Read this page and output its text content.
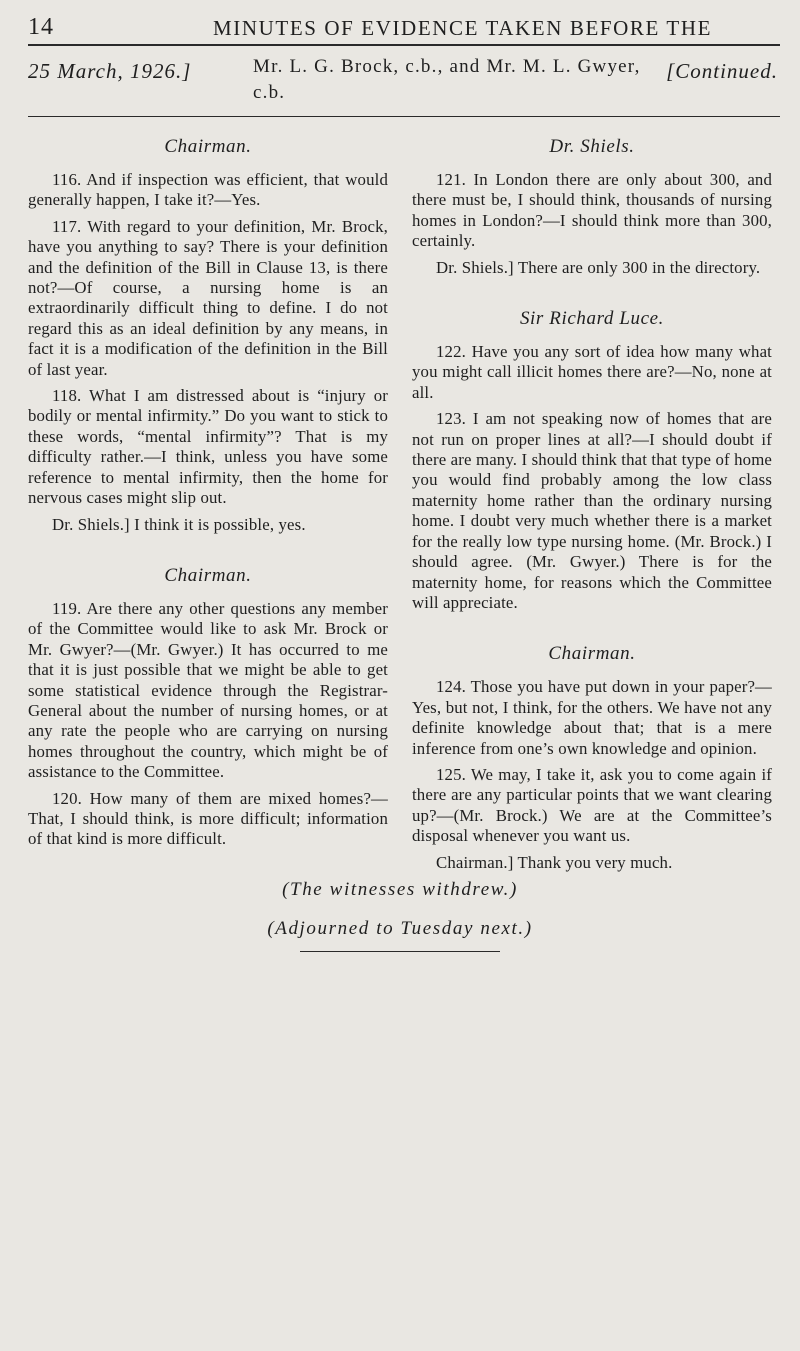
14	MINUTES OF EVIDENCE TAKEN BEFORE THE
25 March, 1926.]	Mr. L. G. Brock, c.b., and Mr. M. L. Gwyer, c.b.
[Continued.
Chairman.

116. And if inspection was efficient, that would generally happen, I take it?—Yes.

117. With regard to your definition, Mr. Brock, have you anything to say? There is your definition and the definition of the Bill in Clause 13, is there not?—Of course, a nursing home is an extraordinarily difficult thing to define. I do not regard this as an ideal definition by any means, in fact it is a modification of the definition in the Bill of last year.

118. What I am distressed about is “injury or bodily or mental infirmity.” Do you want to stick to these words, “mental infirmity”? That is my difficulty rather.—I think, unless you have some reference to mental infirmity, then the home for nervous cases might slip out.

Dr. Shiels.] I think it is possible, yes.

Chairman.

119. Are there any other questions any member of the Committee would like to ask Mr. Brock or Mr. Gwyer?—(Mr. Gwyer.) It has occurred to me that it is just possible that we might be able to get some statistical evidence through the Registrar-General about the number of nursing homes, or at any rate the people who are carrying on nursing homes throughout the country, which might be of assistance to the Committee.

120. How many of them are mixed homes?—That, I should think, is more difficult; information of that kind is more difficult.

Dr. Shiels.

121. In London there are only about 300, and there must be, I should think, thousands of nursing homes in London?—I should think more than 300, certainly.

Dr. Shiels.] There are only 300 in the directory.

Sir Richard Luce.

122. Have you any sort of idea how many what you might call illicit homes there are?—No, none at all.

123. I am not speaking now of homes that are not run on proper lines at all?—I should doubt if there are many. I should think that that type of home you would find probably among the low class maternity home rather than the ordinary nursing home. I doubt very much whether there is a market for the really low type nursing home. (Mr. Brock.) I should agree. (Mr. Gwyer.) There is for the maternity home, for reasons which the Committee will appreciate.

Chairman.

124. Those you have put down in your paper?—Yes, but not, I think, for the others. We have not any definite knowledge about that; that is a mere inference from one’s own knowledge and opinion.

125. We may, I take it, ask you to come again if there are any particular points that we want clearing up?—(Mr. Brock.) We are at the Committee’s disposal whenever you want us.

Chairman.] Thank you very much.

(The witnesses withdrew.)
(Adjourned to Tuesday next.)
